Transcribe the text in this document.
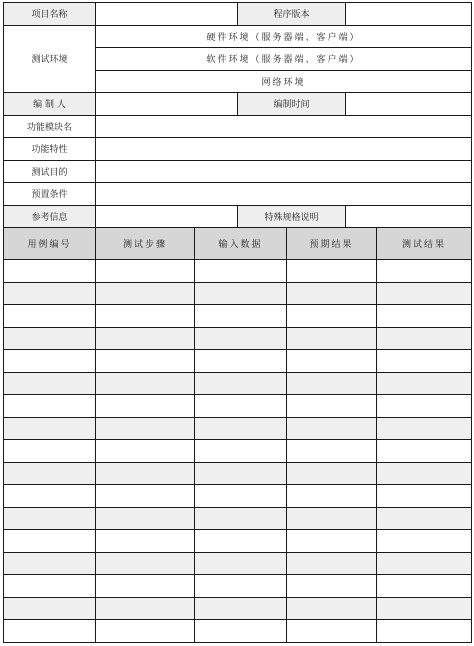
项目名称			程序版本			
测试环境	硬件环境（服务器端、客户端）					
	软件环境（服务器端、客户端）					
	网络环境					
编 制 人			编制时间			
功能模块名						
功能特性						
测试目的						
预置条件						
参考信息			特殊规格说明			
用例编号	测试步骤	输入数据		预期结果		测试结果
